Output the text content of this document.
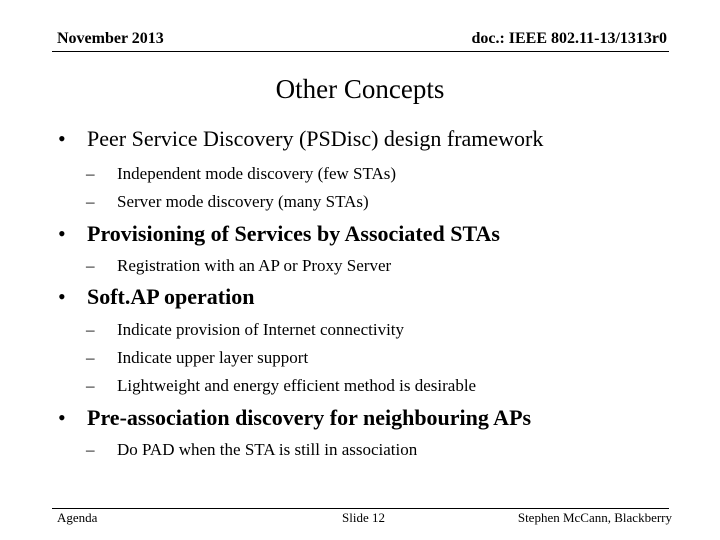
November 2013	doc.: IEEE 802.11-13/1313r0
Other Concepts
• Peer Service Discovery (PSDisc) design framework
– Independent mode discovery (few STAs)
– Server mode discovery (many STAs)
• Provisioning of Services by Associated STAs
– Registration with an AP or Proxy Server
• Soft.AP operation
– Indicate provision of Internet connectivity
– Indicate upper layer support
– Lightweight and energy efficient method is desirable
• Pre-association discovery for neighbouring APs
– Do PAD when the STA is still in association
Agenda	Slide 12	Stephen McCann, Blackberry
